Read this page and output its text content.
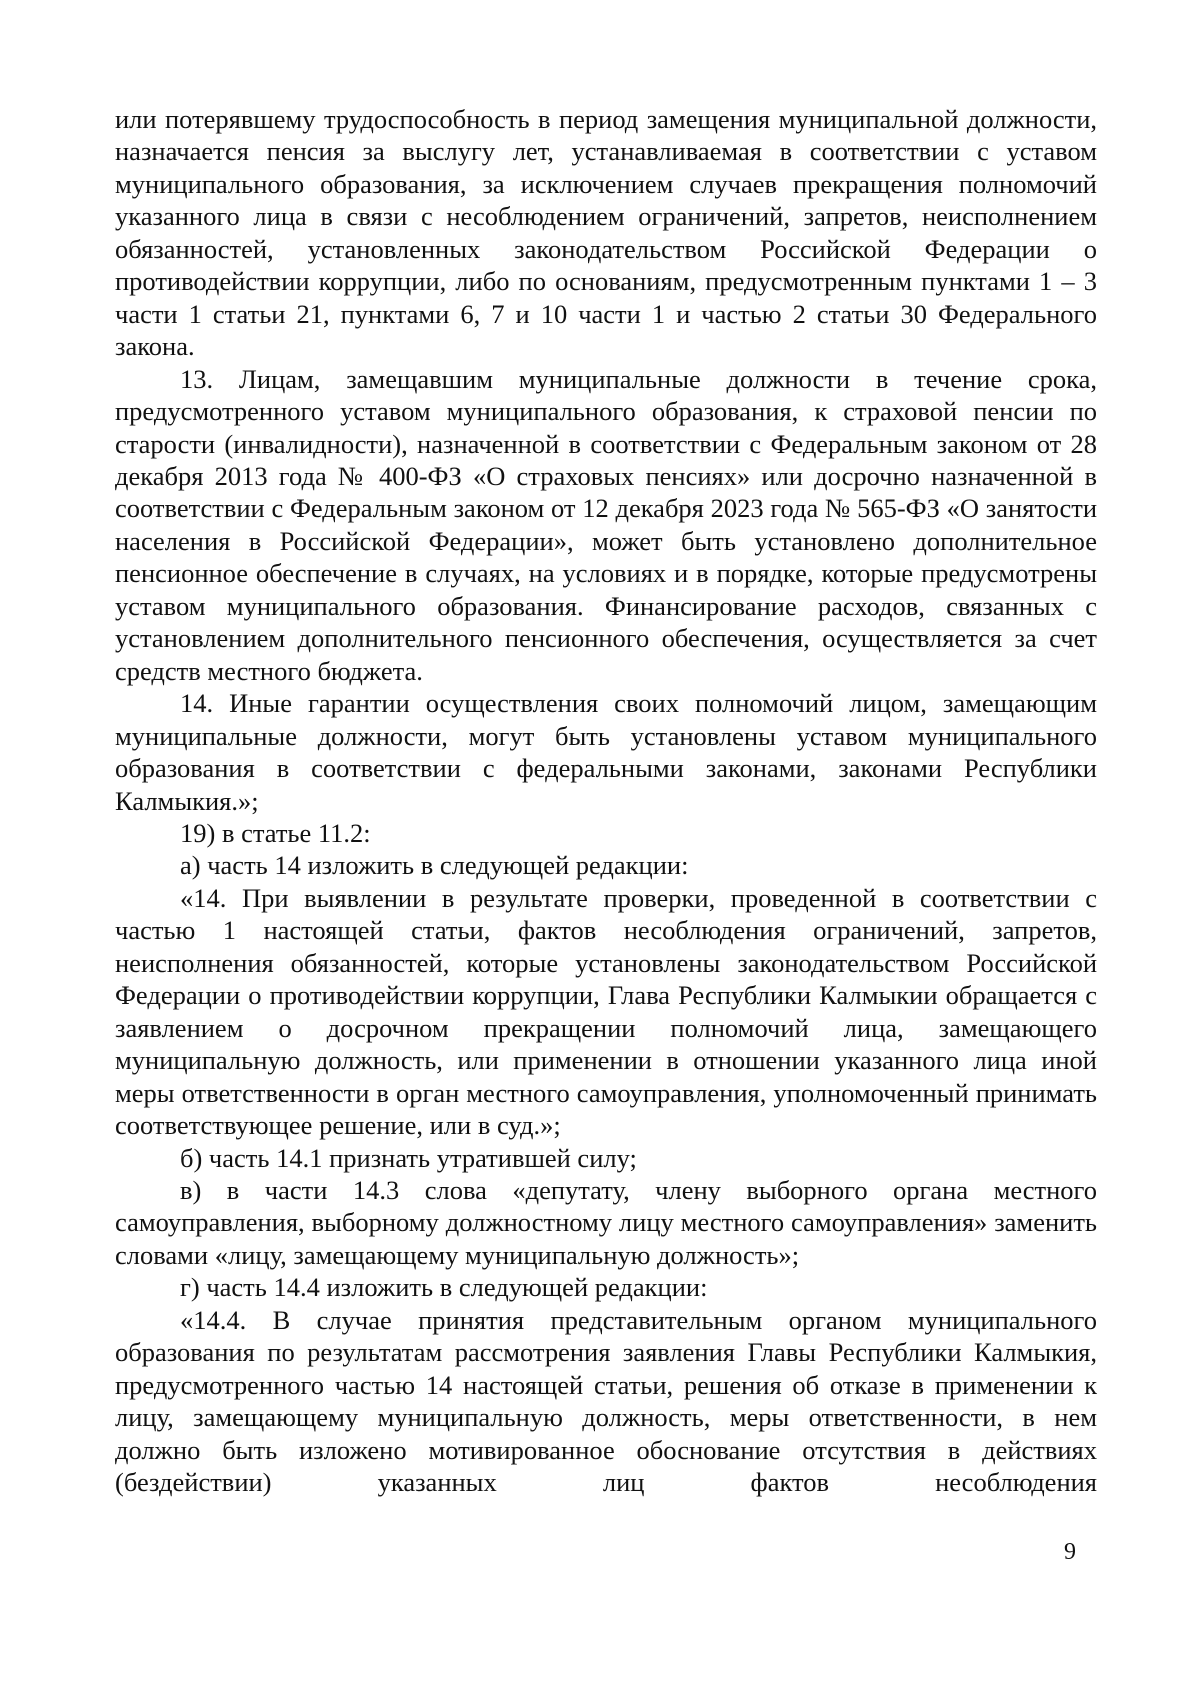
или потерявшему трудоспособность в период замещения муниципальной должности, назначается пенсия за выслугу лет, устанавливаемая в соответствии с уставом муниципального образования, за исключением случаев прекращения полномочий указанного лица в связи с несоблюдением ограничений, запретов, неисполнением обязанностей, установленных законодательством Российской Федерации о противодействии коррупции, либо по основаниям, предусмотренным пунктами 1 – 3 части 1 статьи 21, пунктами 6, 7 и 10 части 1 и частью 2 статьи 30 Федерального закона.

13. Лицам, замещавшим муниципальные должности в течение срока, предусмотренного уставом муниципального образования, к страховой пенсии по старости (инвалидности), назначенной в соответствии с Федеральным законом от 28 декабря 2013 года № 400-ФЗ «О страховых пенсиях» или досрочно назначенной в соответствии с Федеральным законом от 12 декабря 2023 года № 565-ФЗ «О занятости населения в Российской Федерации», может быть установлено дополнительное пенсионное обеспечение в случаях, на условиях и в порядке, которые предусмотрены уставом муниципального образования. Финансирование расходов, связанных с установлением дополнительного пенсионного обеспечения, осуществляется за счет средств местного бюджета.

14. Иные гарантии осуществления своих полномочий лицом, замещающим муниципальные должности, могут быть установлены уставом муниципального образования в соответствии с федеральными законами, законами Республики Калмыкия.»;

19) в статье 11.2:

а) часть 14 изложить в следующей редакции:

«14. При выявлении в результате проверки, проведенной в соответствии с частью 1 настоящей статьи, фактов несоблюдения ограничений, запретов, неисполнения обязанностей, которые установлены законодательством Российской Федерации о противодействии коррупции, Глава Республики Калмыкии обращается с заявлением о досрочном прекращении полномочий лица, замещающего муниципальную должность, или применении в отношении указанного лица иной меры ответственности в орган местного самоуправления, уполномоченный принимать соответствующее решение, или в суд.»;

б) часть 14.1 признать утратившей силу;

в) в части 14.3 слова «депутату, члену выборного органа местного самоуправления, выборному должностному лицу местного самоуправления» заменить словами «лицу, замещающему муниципальную должность»;

г) часть 14.4 изложить в следующей редакции:

«14.4. В случае принятия представительным органом муниципального образования по результатам рассмотрения заявления Главы Республики Калмыкия, предусмотренного частью 14 настоящей статьи, решения об отказе в применении к лицу, замещающему муниципальную должность, меры ответственности, в нем должно быть изложено мотивированное обоснование отсутствия в действиях (бездействии) указанных лиц фактов несоблюдения

9
